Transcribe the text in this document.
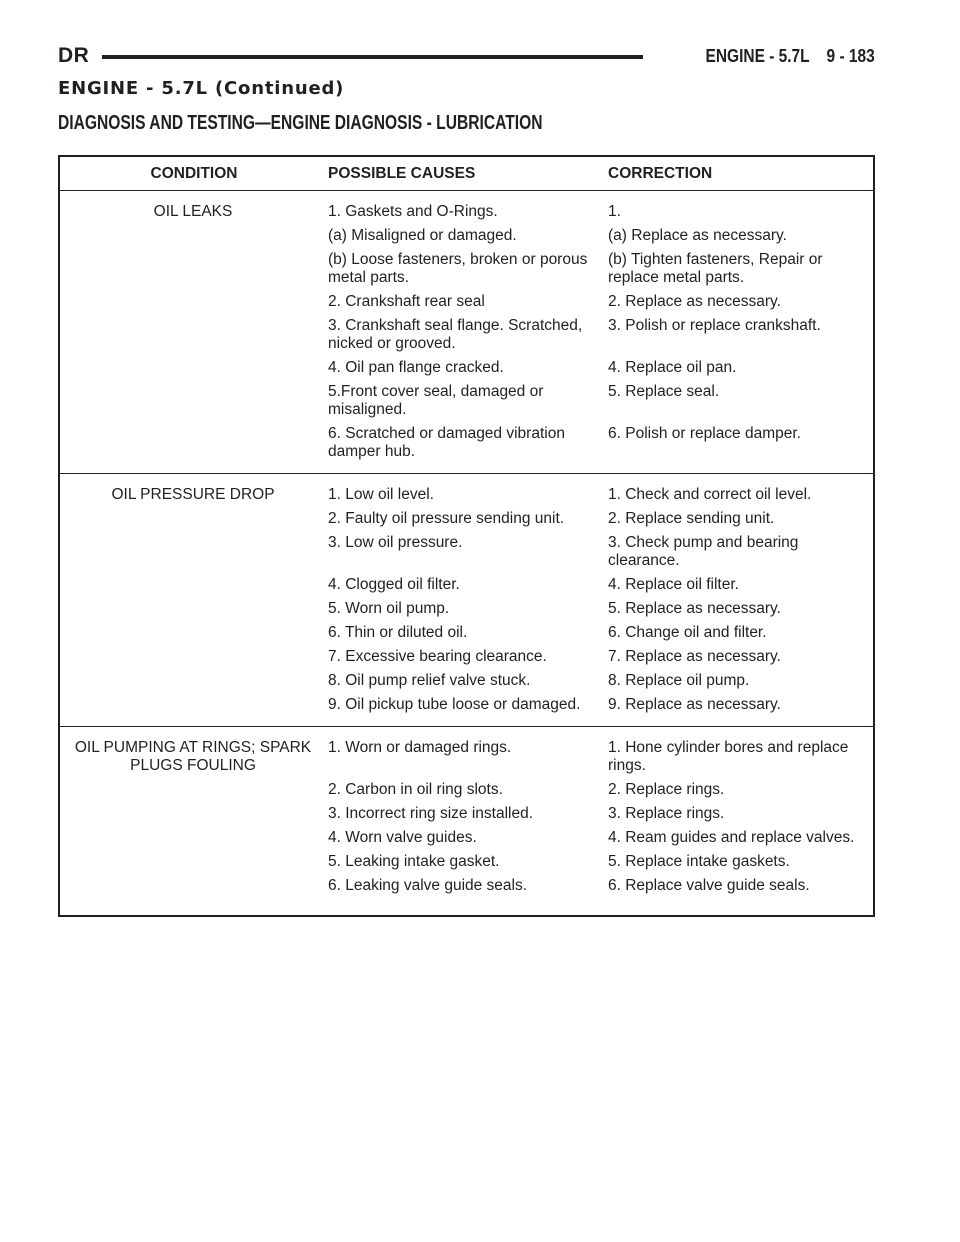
DR	ENGINE - 5.7L    9 - 183
ENGINE - 5.7L (Continued)
DIAGNOSIS AND TESTING—ENGINE DIAGNOSIS - LUBRICATION
CONDITION	POSSIBLE CAUSES	CORRECTION
OIL LEAKS	1. Gaskets and O-Rings.	1.
	(a) Misaligned or damaged.	(a) Replace as necessary.
	(b) Loose fasteners, broken or porous metal parts.	(b) Tighten fasteners, Repair or replace metal parts.
	2. Crankshaft rear seal	2. Replace as necessary.
	3. Crankshaft seal flange. Scratched, nicked or grooved.	3. Polish or replace crankshaft.
	4. Oil pan flange cracked.	4. Replace oil pan.
	5.Front cover seal, damaged or misaligned.	5. Replace seal.
	6. Scratched or damaged vibration damper hub.	6. Polish or replace damper.
OIL PRESSURE DROP	1. Low oil level.	1. Check and correct oil level.
	2. Faulty oil pressure sending unit.	2. Replace sending unit.
	3. Low oil pressure.	3. Check pump and bearing clearance.
	4. Clogged oil filter.	4. Replace oil filter.
	5. Worn oil pump.	5. Replace as necessary.
	6. Thin or diluted oil.	6. Change oil and filter.
	7. Excessive bearing clearance.	7. Replace as necessary.
	8. Oil pump relief valve stuck.	8. Replace oil pump.
	9. Oil pickup tube loose or damaged.	9. Replace as necessary.
OIL PUMPING AT RINGS; SPARK PLUGS FOULING	1. Worn or damaged rings.	1. Hone cylinder bores and replace rings.
	2. Carbon in oil ring slots.	2. Replace rings.
	3. Incorrect ring size installed.	3. Replace rings.
	4. Worn valve guides.	4. Ream guides and replace valves.
	5. Leaking intake gasket.	5. Replace intake gaskets.
	6. Leaking valve guide seals.	6. Replace valve guide seals.
